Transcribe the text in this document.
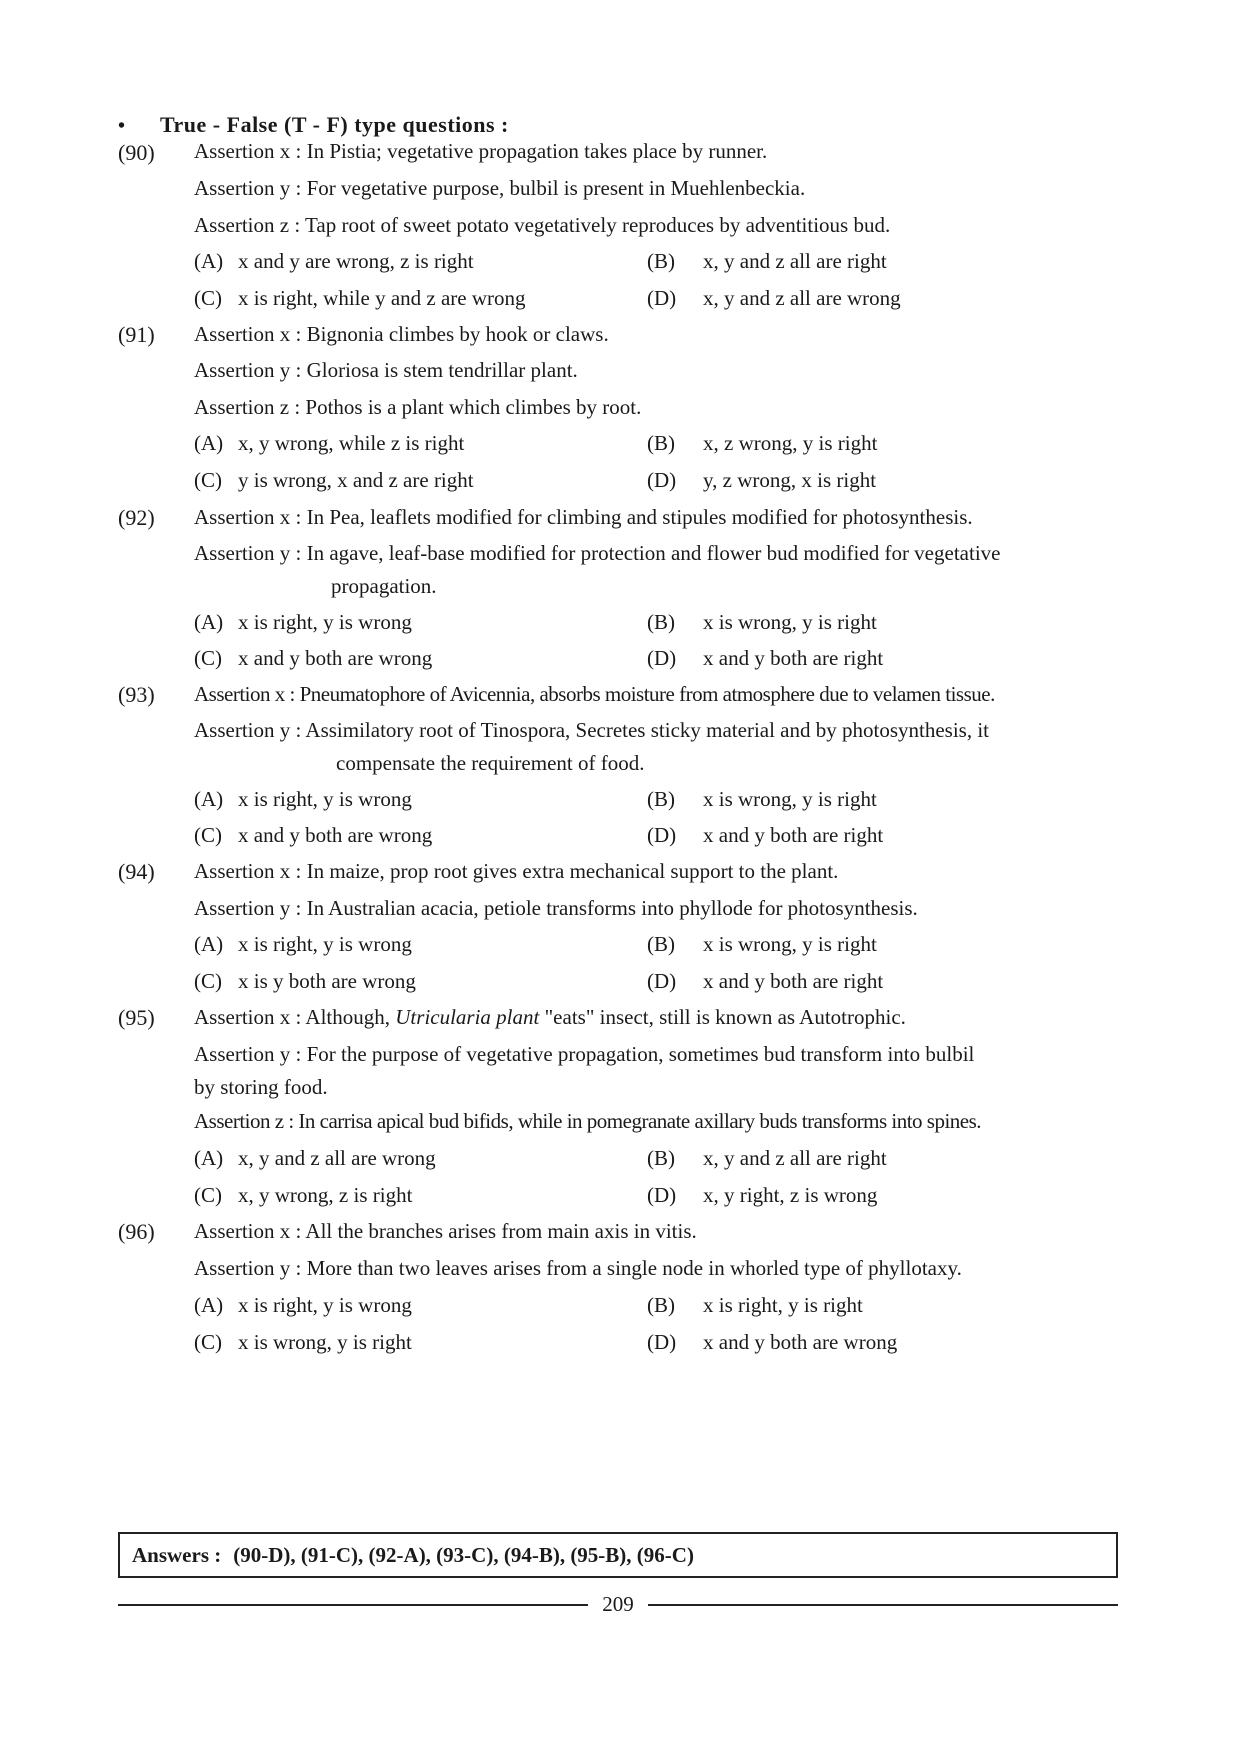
• True - False (T - F) type questions :
(90) Assertion x : In Pistia; vegetative propagation takes place by runner.
Assertion y : For vegetative purpose, bulbil is present in Muehlenbeckia.
Assertion z : Tap root of sweet potato vegetatively reproduces by adventitious bud.
(A) x and y are wrong, z is right	(B) x, y and z all are right
(C) x is right, while y and z are wrong	(D) x, y and z all are wrong
(91) Assertion x : Bignonia climbes by hook or claws.
Assertion y : Gloriosa is stem tendrillar plant.
Assertion z : Pothos is a plant which climbes by root.
(A) x, y wrong, while z is right	(B) x, z wrong, y is right
(C) y is wrong, x and z are right	(D) y, z wrong, x is right
(92) Assertion x : In Pea, leaflets modified for climbing and stipules modified for photosynthesis.
Assertion y : In agave, leaf-base modified for protection and flower bud modified for vegetative
propagation.
(A) x is right, y is wrong	(B) x is wrong, y is right
(C) x and y both are wrong	(D) x and y both are right
(93) Assertion x : Pneumatophore of Avicennia, absorbs moisture from atmosphere due to velamen tissue.
Assertion y : Assimilatory root of Tinospora, Secretes sticky material and by photosynthesis, it
compensate the requirement of food.
(A) x is right, y is wrong	(B) x is wrong, y is right
(C) x and y both are wrong	(D) x and y both are right
(94) Assertion x : In maize, prop root gives extra mechanical support to the plant.
Assertion y : In Australian acacia, petiole transforms into phyllode for photosynthesis.
(A) x is right, y is wrong	(B) x is wrong, y is right
(C) x is y both are wrong	(D) x and y both are right
(95) Assertion x : Although, Utricularia plant "eats" insect, still is known as Autotrophic.
Assertion y : For the purpose of vegetative propagation, sometimes bud transform into bulbil
by storing food.
Assertion z : In carrisa apical bud bifids, while in pomegranate axillary buds transforms into spines.
(A) x, y and z all are wrong	(B) x, y and z all are right
(C) x, y wrong, z is right	(D) x, y right, z is wrong
(96) Assertion x : All the branches arises from main axis in vitis.
Assertion y : More than two leaves arises from a single node in whorled type of phyllotaxy.
(A) x is right, y is wrong	(B) x is right, y is right
(C) x is wrong, y is right	(D) x and y both are wrong
Answers : (90-D), (91-C), (92-A), (93-C), (94-B), (95-B), (96-C)
209
